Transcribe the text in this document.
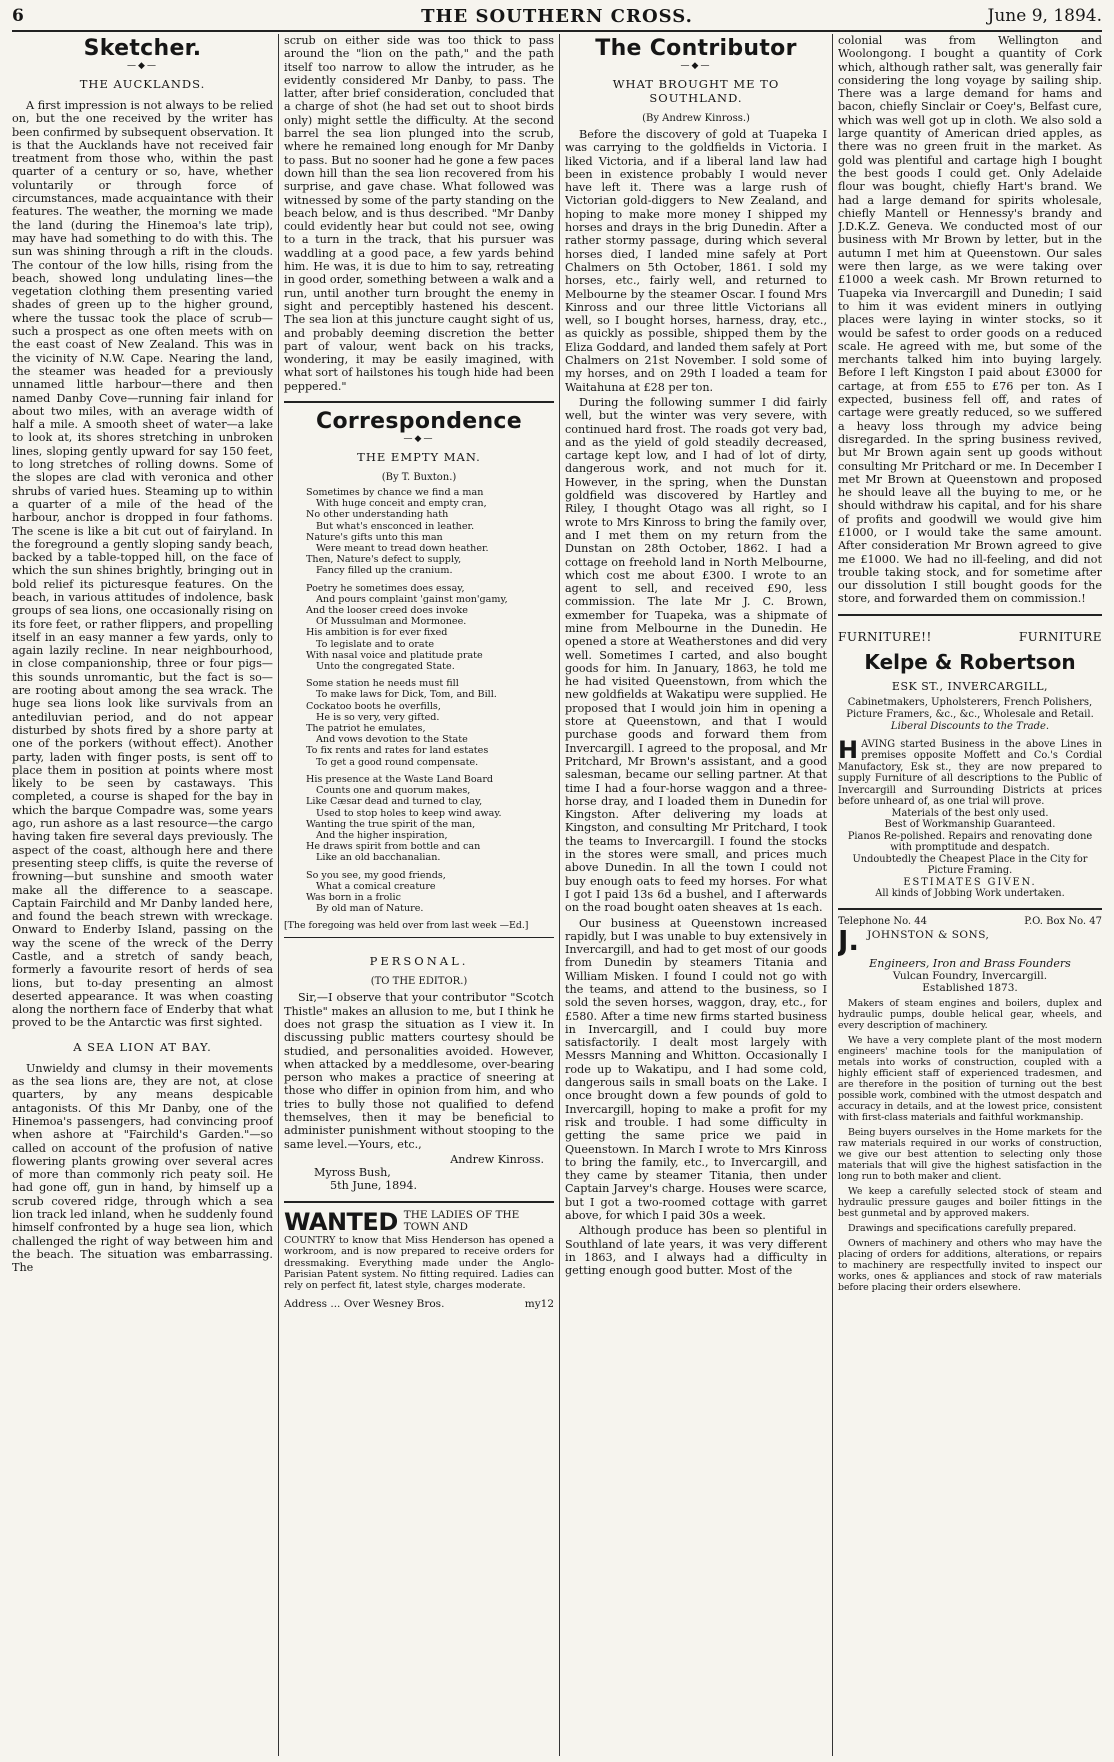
6	THE SOUTHERN CROSS.	June 9, 1894.
Sketcher.
—◆—
THE AUCKLANDS.

A first impression is not always to be relied on, but the one received by the writer has been confirmed by subsequent observation. It is that the Aucklands have not received fair treatment from those who, within the past quarter of a century or so, have, whether voluntarily or through force of circumstances, made acquaintance with their features. The weather, the morning we made the land (during the Hinemoa's late trip), may have had something to do with this. The sun was shining through a rift in the clouds. The contour of the low hills, rising from the beach, showed long undulating lines—the vegetation clothing them presenting varied shades of green up to the higher ground, where the tussac took the place of scrub—such a prospect as one often meets with on the east coast of New Zealand. This was in the vicinity of N.W. Cape. Nearing the land, the steamer was headed for a previously unnamed little harbour—there and then named Danby Cove—running fair inland for about two miles, with an average width of half a mile. A smooth sheet of water—a lake to look at, its shores stretching in unbroken lines, sloping gently upward for say 150 feet, to long stretches of rolling downs. Some of the slopes are clad with veronica and other shrubs of varied hues. Steaming up to within a quarter of a mile of the head of the harbour, anchor is dropped in four fathoms. The scene is like a bit cut out of fairyland. In the foreground a gently sloping sandy beach, backed by a table-topped hill, on the face of which the sun shines brightly, bringing out in bold relief its picturesque features. On the beach, in various attitudes of indolence, bask groups of sea lions, one occasionally rising on its fore feet, or rather flippers, and propelling itself in an easy manner a few yards, only to again lazily recline. In near neighbourhood, in close companionship, three or four pigs—this sounds unromantic, but the fact is so—are rooting about among the sea wrack. The huge sea lions look like survivals from an antediluvian period, and do not appear disturbed by shots fired by a shore party at one of the porkers (without effect). Another party, laden with finger posts, is sent off to place them in position at points where most likely to be seen by castaways. This completed, a course is shaped for the bay in which the barque Compadre was, some years ago, run ashore as a last resource—the cargo having taken fire several days previously. The aspect of the coast, although here and there presenting steep cliffs, is quite the reverse of frowning—but sunshine and smooth water make all the difference to a seascape. Captain Fairchild and Mr Danby landed here, and found the beach strewn with wreckage. Onward to Enderby Island, passing on the way the scene of the wreck of the Derry Castle, and a stretch of sandy beach, formerly a favourite resort of herds of sea lions, but to-day presenting an almost deserted appearance. It was when coasting along the northern face of Enderby that what proved to be the Antarctic was first sighted.

A SEA LION AT BAY.

Unwieldy and clumsy in their movements as the sea lions are, they are not, at close quarters, by any means despicable antagonists. Of this Mr Danby, one of the Hinemoa's passengers, had convincing proof when ashore at "Fairchild's Garden."—so called on account of the profusion of native flowering plants growing over several acres of more than commonly rich peaty soil. He had gone off, gun in hand, by himself up a scrub covered ridge, through which a sea lion track led inland, when he suddenly found himself confronted by a huge sea lion, which challenged the right of way between him and the beach. The situation was embarrassing. The

scrub on either side was too thick to pass around the "lion on the path," and the path itself too narrow to allow the intruder, as he evidently considered Mr Danby, to pass. The latter, after brief consideration, concluded that a charge of shot (he had set out to shoot birds only) might settle the difficulty. At the second barrel the sea lion plunged into the scrub, where he remained long enough for Mr Danby to pass. But no sooner had he gone a few paces down hill than the sea lion recovered from his surprise, and gave chase. What followed was witnessed by some of the party standing on the beach below, and is thus described. "Mr Danby could evidently hear but could not see, owing to a turn in the track, that his pursuer was waddling at a good pace, a few yards behind him. He was, it is due to him to say, retreating in good order, something between a walk and a run, until another turn brought the enemy in sight and perceptibly hastened his descent. The sea lion at this juncture caught sight of us, and probably deeming discretion the better part of valour, went back on his tracks, wondering, it may be easily imagined, with what sort of hailstones his tough hide had been peppered."

Correspondence
—◆—
THE EMPTY MAN.
(By T. Buxton.)
Sometimes by chance we find a man
With huge conceit and empty cran,
No other understanding hath
But what's ensconced in leather.
Nature's gifts unto this man
Were meant to tread down heather.
Then, Nature's defect to supply,
Fancy filled up the cranium.
Poetry he sometimes does essay,
And pours complaint 'gainst mon'gamy,
And the looser creed does invoke
Of Mussulman and Mormonee.
His ambition is for ever fixed
To legislate and to orate
With nasal voice and platitude prate
Unto the congregated State.
Some station he needs must fill
To make laws for Dick, Tom, and Bill.
Cockatoo boots he overfills,
He is so very, very gifted.
The patriot he emulates,
And vows devotion to the State
To fix rents and rates for land estates
To get a good round compensate.
His presence at the Waste Land Board
Counts one and quorum makes,
Like Cæsar dead and turned to clay,
Used to stop holes to keep wind away.
Wanting the true spirit of the man,
And the higher inspiration,
He draws spirit from bottle and can
Like an old bacchanalian.
So you see, my good friends,
What a comical creature
Was born in a frolic
By old man of Nature.
[The foregoing was held over from last week —Ed.]
PERSONAL.
(TO THE EDITOR.)

Sir,—I observe that your contributor "Scotch Thistle" makes an allusion to me, but I think he does not grasp the situation as I view it. In discussing public matters courtesy should be studied, and personalities avoided. However, when attacked by a meddlesome, over-bearing person who makes a practice of sneering at those who differ in opinion from him, and who tries to bully those not qualified to defend themselves, then it may be beneficial to administer punishment without stooping to the same level.—Yours, etc.,

Andrew Kinross.
Myross Bush,
5th June, 1894.
WANTED THE LADIES OF THE TOWN AND
COUNTRY to know that Miss Henderson has opened a workroom, and is now prepared to receive orders for dressmaking. Everything made under the Anglo-Parisian Patent system. No fitting required. Ladies can rely on perfect fit, latest style, charges moderate.
Address ... Over Wesney Bros.	my12
The Contributor
—◆—
WHAT BROUGHT ME TO SOUTHLAND.
(By Andrew Kinross.)

Before the discovery of gold at Tuapeka I was carrying to the goldfields in Victoria. I liked Victoria, and if a liberal land law had been in existence probably I would never have left it. There was a large rush of Victorian gold-diggers to New Zealand, and hoping to make more money I shipped my horses and drays in the brig Dunedin. After a rather stormy passage, during which several horses died, I landed mine safely at Port Chalmers on 5th October, 1861. I sold my horses, etc., fairly well, and returned to Melbourne by the steamer Oscar. I found Mrs Kinross and our three little Victorians all well, so I bought horses, harness, dray, etc., as quickly as possible, shipped them by the Eliza Goddard, and landed them safely at Port Chalmers on 21st November. I sold some of my horses, and on 29th I loaded a team for Waitahuna at £28 per ton.

During the following summer I did fairly well, but the winter was very severe, with continued hard frost. The roads got very bad, and as the yield of gold steadily decreased, cartage kept low, and I had of lot of dirty, dangerous work, and not much for it. However, in the spring, when the Dunstan goldfield was discovered by Hartley and Riley, I thought Otago was all right, so I wrote to Mrs Kinross to bring the family over, and I met them on my return from the Dunstan on 28th October, 1862. I had a cottage on freehold land in North Melbourne, which cost me about £300. I wrote to an agent to sell, and received £90, less commission. The late Mr J. C. Brown, exmember for Tuapeka, was a shipmate of mine from Melbourne in the Dunedin. He opened a store at Weatherstones and did very well. Sometimes I carted, and also bought goods for him. In January, 1863, he told me he had visited Queenstown, from which the new goldfields at Wakatipu were supplied. He proposed that I would join him in opening a store at Queenstown, and that I would purchase goods and forward them from Invercargill. I agreed to the proposal, and Mr Pritchard, Mr Brown's assistant, and a good salesman, became our selling partner. At that time I had a four-horse waggon and a three-horse dray, and I loaded them in Dunedin for Kingston. After delivering my loads at Kingston, and consulting Mr Pritchard, I took the teams to Invercargill. I found the stocks in the stores were small, and prices much above Dunedin. In all the town I could not buy enough oats to feed my horses. For what I got I paid 13s 6d a bushel, and I afterwards on the road bought oaten sheaves at 1s each.

Our business at Queenstown increased rapidly, but I was unable to buy extensively in Invercargill, and had to get most of our goods from Dunedin by steamers Titania and William Misken. I found I could not go with the teams, and attend to the business, so I sold the seven horses, waggon, dray, etc., for £580. After a time new firms started business in Invercargill, and I could buy more satisfactorily. I dealt most largely with Messrs Manning and Whitton. Occasionally I rode up to Wakatipu, and I had some cold, dangerous sails in small boats on the Lake. I once brought down a few pounds of gold to Invercargill, hoping to make a profit for my risk and trouble. I had some difficulty in getting the same price we paid in Queenstown. In March I wrote to Mrs Kinross to bring the family, etc., to Invercargill, and they came by steamer Titania, then under Captain Jarvey's charge. Houses were scarce, but I got a two-roomed cottage with garret above, for which I paid 30s a week.

Although produce has been so plentiful in Southland of late years, it was very different in 1863, and I always had a difficulty in getting enough good butter. Most of the

colonial was from Wellington and Woolongong. I bought a quantity of Cork which, although rather salt, was generally fair considering the long voyage by sailing ship. There was a large demand for hams and bacon, chiefly Sinclair or Coey's, Belfast cure, which was well got up in cloth. We also sold a large quantity of American dried apples, as there was no green fruit in the market. As gold was plentiful and cartage high I bought the best goods I could get. Only Adelaide flour was bought, chiefly Hart's brand. We had a large demand for spirits wholesale, chiefly Mantell or Hennessy's brandy and J.D.K.Z. Geneva. We conducted most of our business with Mr Brown by letter, but in the autumn I met him at Queenstown. Our sales were then large, as we were taking over £1000 a week cash. Mr Brown returned to Tuapeka via Invercargill and Dunedin; I said to him it was evident miners in outlying places were laying in winter stocks, so it would be safest to order goods on a reduced scale. He agreed with me, but some of the merchants talked him into buying largely. Before I left Kingston I paid about £3000 for cartage, at from £55 to £76 per ton. As I expected, business fell off, and rates of cartage were greatly reduced, so we suffered a heavy loss through my advice being disregarded. In the spring business revived, but Mr Brown again sent up goods without consulting Mr Pritchard or me. In December I met Mr Brown at Queenstown and proposed he should leave all the buying to me, or he should withdraw his capital, and for his share of profits and goodwill we would give him £1000, or I would take the same amount. After consideration Mr Brown agreed to give me £1000. We had no ill-feeling, and did not trouble taking stock, and for sometime after our dissolution I still bought goods for the store, and forwarded them on commission.!

FURNITURE!!	FURNITURE
Kelpe & Robertson
ESK ST., INVERCARGILL,
Cabinetmakers, Upholsterers, French Polishers, Picture Framers, &c., &c., Wholesale and Retail.
Liberal Discounts to the Trade.
H AVING started Business in the above Lines in premises opposite Moffett and Co.'s Cordial Manufactory, Esk st., they are now prepared to supply Furniture of all descriptions to the Public of Invercargill and Surrounding Districts at prices before unheard of, as one trial will prove.
Materials of the best only used.
Best of Workmanship Guaranteed.
Pianos Re-polished. Repairs and renovating done with promptitude and despatch.
Undoubtedly the Cheapest Place in the City for Picture Framing.
ESTIMATES GIVEN.
All kinds of Jobbing Work undertaken.
Telephone No. 44	P.O. Box No. 47
J. JOHNSTON & SONS,
Engineers, Iron and Brass Founders
Vulcan Foundry, Invercargill.
Established 1873.

Makers of steam engines and boilers, duplex and hydraulic pumps, double helical gear, wheels, and every description of machinery.

We have a very complete plant of the most modern engineers' machine tools for the manipulation of metals into works of construction, coupled with a highly efficient staff of experienced tradesmen, and are therefore in the position of turning out the best possible work, combined with the utmost despatch and accuracy in details, and at the lowest price, consistent with first-class materials and faithful workmanship.

Being buyers ourselves in the Home markets for the raw materials required in our works of construction, we give our best attention to selecting only those materials that will give the highest satisfaction in the long run to both maker and client.

We keep a carefully selected stock of steam and hydraulic pressure gauges and boiler fittings in the best gunmetal and by approved makers.

Drawings and specifications carefully prepared.

Owners of machinery and others who may have the placing of orders for additions, alterations, or repairs to machinery are respectfully invited to inspect our works, ones & appliances and stock of raw materials before placing their orders elsewhere.
